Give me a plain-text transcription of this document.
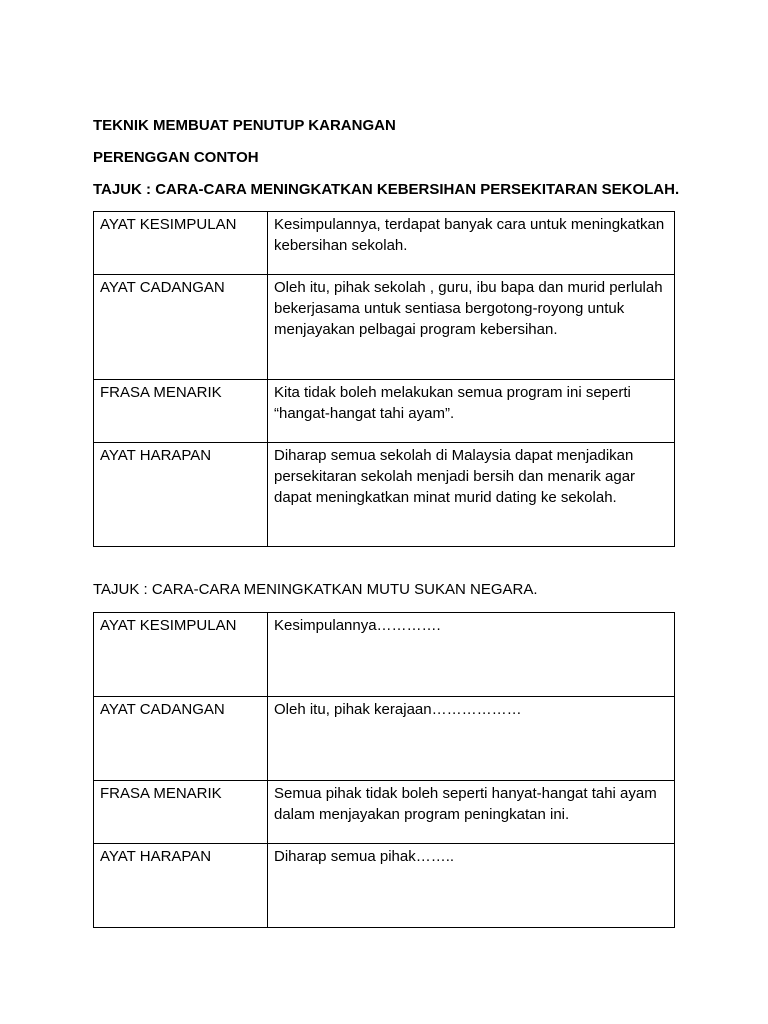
TEKNIK MEMBUAT PENUTUP KARANGAN
PERENGGAN CONTOH
TAJUK : CARA-CARA MENINGKATKAN KEBERSIHAN PERSEKITARAN SEKOLAH.
AYAT KESIMPULAN	Kesimpulannya, terdapat banyak cara untuk meningkatkan kebersihan sekolah.
AYAT CADANGAN	Oleh itu, pihak sekolah , guru, ibu bapa dan murid perlulah bekerjasama untuk sentiasa bergotong-royong untuk menjayakan pelbagai program kebersihan.
FRASA MENARIK	Kita tidak boleh melakukan semua program ini seperti “hangat-hangat tahi ayam”.
AYAT HARAPAN	Diharap semua sekolah di Malaysia dapat menjadikan persekitaran sekolah menjadi bersih dan menarik agar dapat meningkatkan minat murid dating ke sekolah.
TAJUK : CARA-CARA MENINGKATKAN MUTU SUKAN NEGARA.
AYAT KESIMPULAN	Kesimpulannya………….
AYAT CADANGAN	Oleh itu, pihak kerajaan………………
FRASA MENARIK	Semua pihak tidak boleh seperti hanyat-hangat tahi ayam dalam menjayakan program peningkatan ini.
AYAT HARAPAN	Diharap semua pihak……..
